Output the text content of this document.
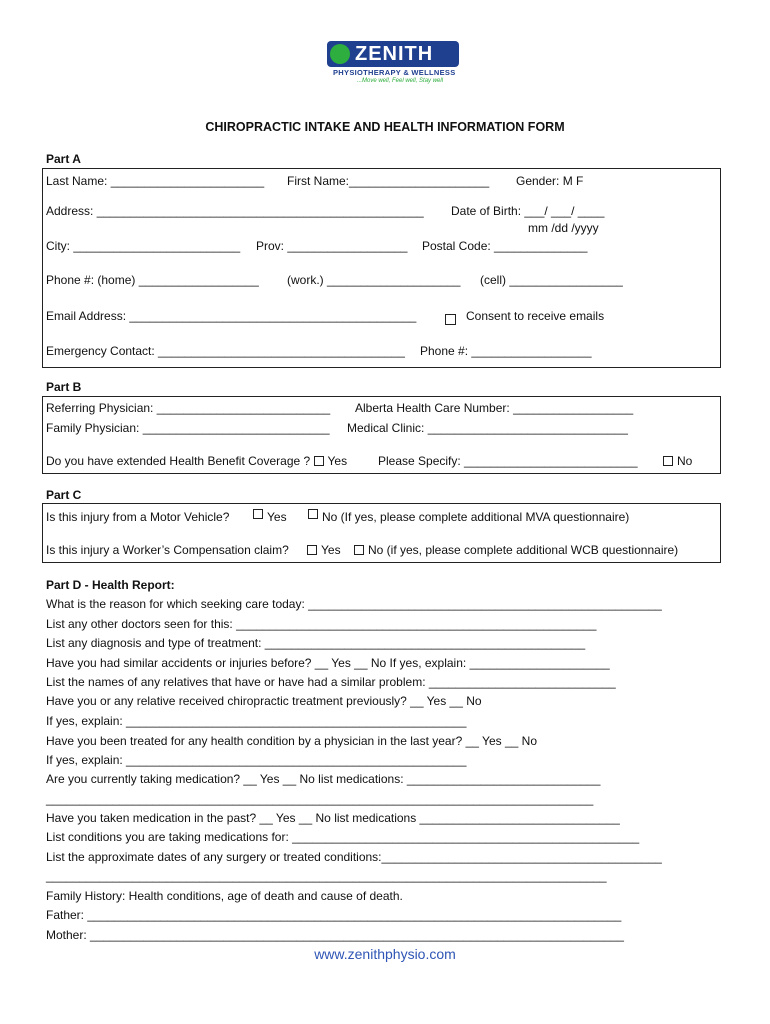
ZENITH
PHYSIOTHERAPY & WELLNESS
...Move well, Feel well, Stay well
CHIROPRACTIC INTAKE AND HEALTH INFORMATION FORM
Part A
Last Name: _______________________ First Name:_____________________ Gender: M F
Address: _________________________________________________ Date of Birth: ___/ ___/ ____
mm /dd /yyyy
City: _________________________ Prov: __________________ Postal Code: ______________
Phone #: (home) __________________ (work.) ____________________ (cell) _________________
Email Address: ___________________________________________	Consent to receive emails
Emergency Contact: _____________________________________ Phone #: __________________
Part B
Referring Physician: __________________________ Alberta Health Care Number: __________________
Family Physician: ____________________________ Medical Clinic: ______________________________
Do you have extended Health Benefit Coverage ? Yes	Please Specify: __________________________	No
Part C
Is this injury from a Motor Vehicle?	Yes	No (If yes, please complete additional MVA questionnaire)
Is this injury a Worker’s Compensation claim?	Yes	No (if yes, please complete additional WCB questionnaire)
Part D - Health Report:
What is the reason for which seeking care today: _____________________________________________________
List any other doctors seen for this: ______________________________________________________
List any diagnosis and type of treatment: ________________________________________________
Have you had similar accidents or injuries before? __ Yes __ No If yes, explain: _____________________
List the names of any relatives that have or have had a similar problem: ____________________________
Have you or any relative received chiropractic treatment previously? __ Yes __ No
If yes, explain: ___________________________________________________
Have you been treated for any health condition by a physician in the last year? __ Yes __ No
If yes, explain: ___________________________________________________
Are you currently taking medication? __ Yes __ No list medications: _____________________________
__________________________________________________________________________________
Have you taken medication in the past? __ Yes __ No list medications ______________________________
List conditions you are taking medications for: ____________________________________________________
List the approximate dates of any surgery or treated conditions:__________________________________________
____________________________________________________________________________________
Family History: Health conditions, age of death and cause of death.
Father: ________________________________________________________________________________
Mother: ________________________________________________________________________________
www.zenithphysio.com
